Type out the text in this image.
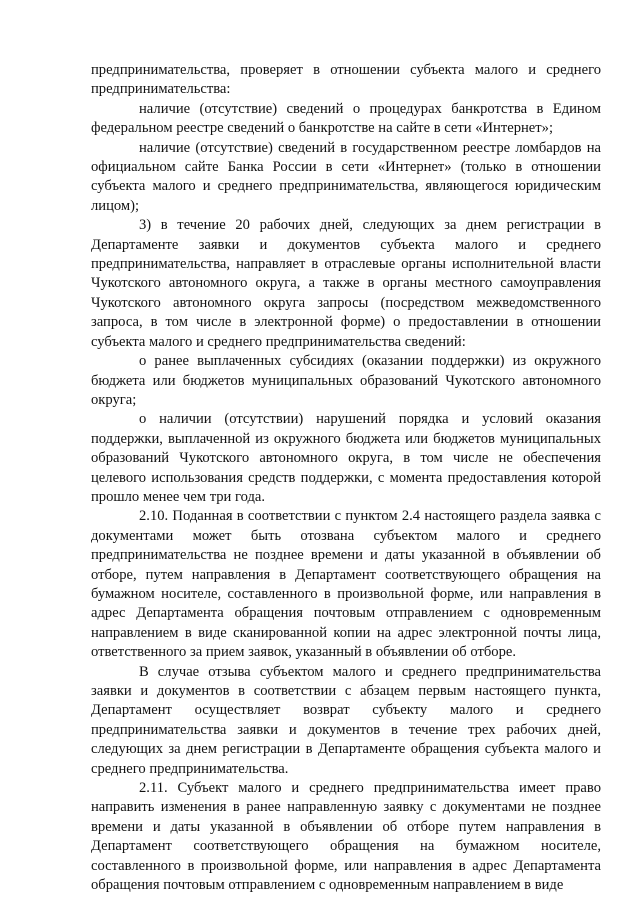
предпринимательства, проверяет в отношении субъекта малого и среднего предпринимательства:

наличие (отсутствие) сведений о процедурах банкротства в Едином федеральном реестре сведений о банкротстве на сайте в сети «Интернет»;

наличие (отсутствие) сведений в государственном реестре ломбардов на официальном сайте Банка России в сети «Интернет» (только в отношении субъекта малого и среднего предпринимательства, являющегося юридическим лицом);

3) в течение 20 рабочих дней, следующих за днем регистрации в Департаменте заявки и документов субъекта малого и среднего предпринимательства, направляет в отраслевые органы исполнительной власти Чукотского автономного округа, а также в органы местного самоуправления Чукотского автономного округа запросы (посредством межведомственного запроса, в том числе в электронной форме) о предоставлении в отношении субъекта малого и среднего предпринимательства сведений:

о ранее выплаченных субсидиях (оказании поддержки) из окружного бюджета или бюджетов муниципальных образований Чукотского автономного округа;

о наличии (отсутствии) нарушений порядка и условий оказания поддержки, выплаченной из окружного бюджета или бюджетов муниципальных образований Чукотского автономного округа, в том числе не обеспечения целевого использования средств поддержки, с момента предоставления которой прошло менее чем три года.

2.10. Поданная в соответствии с пунктом 2.4 настоящего раздела заявка с документами может быть отозвана субъектом малого и среднего предпринимательства не позднее времени и даты указанной в объявлении об отборе, путем направления в Департамент соответствующего обращения на бумажном носителе, составленного в произвольной форме, или направления в адрес Департамента обращения почтовым отправлением с одновременным направлением в виде сканированной копии на адрес электронной почты лица, ответственного за прием заявок, указанный в объявлении об отборе.

В случае отзыва субъектом малого и среднего предпринимательства заявки и документов в соответствии с абзацем первым настоящего пункта, Департамент осуществляет возврат субъекту малого и среднего предпринимательства заявки и документов в течение трех рабочих дней, следующих за днем регистрации в Департаменте обращения субъекта малого и среднего предпринимательства.

2.11. Субъект малого и среднего предпринимательства имеет право направить изменения в ранее направленную заявку с документами не позднее времени и даты указанной в объявлении об отборе путем направления в Департамент соответствующего обращения на бумажном носителе, составленного в произвольной форме, или направления в адрес Департамента обращения почтовым отправлением с одновременным направлением в виде
